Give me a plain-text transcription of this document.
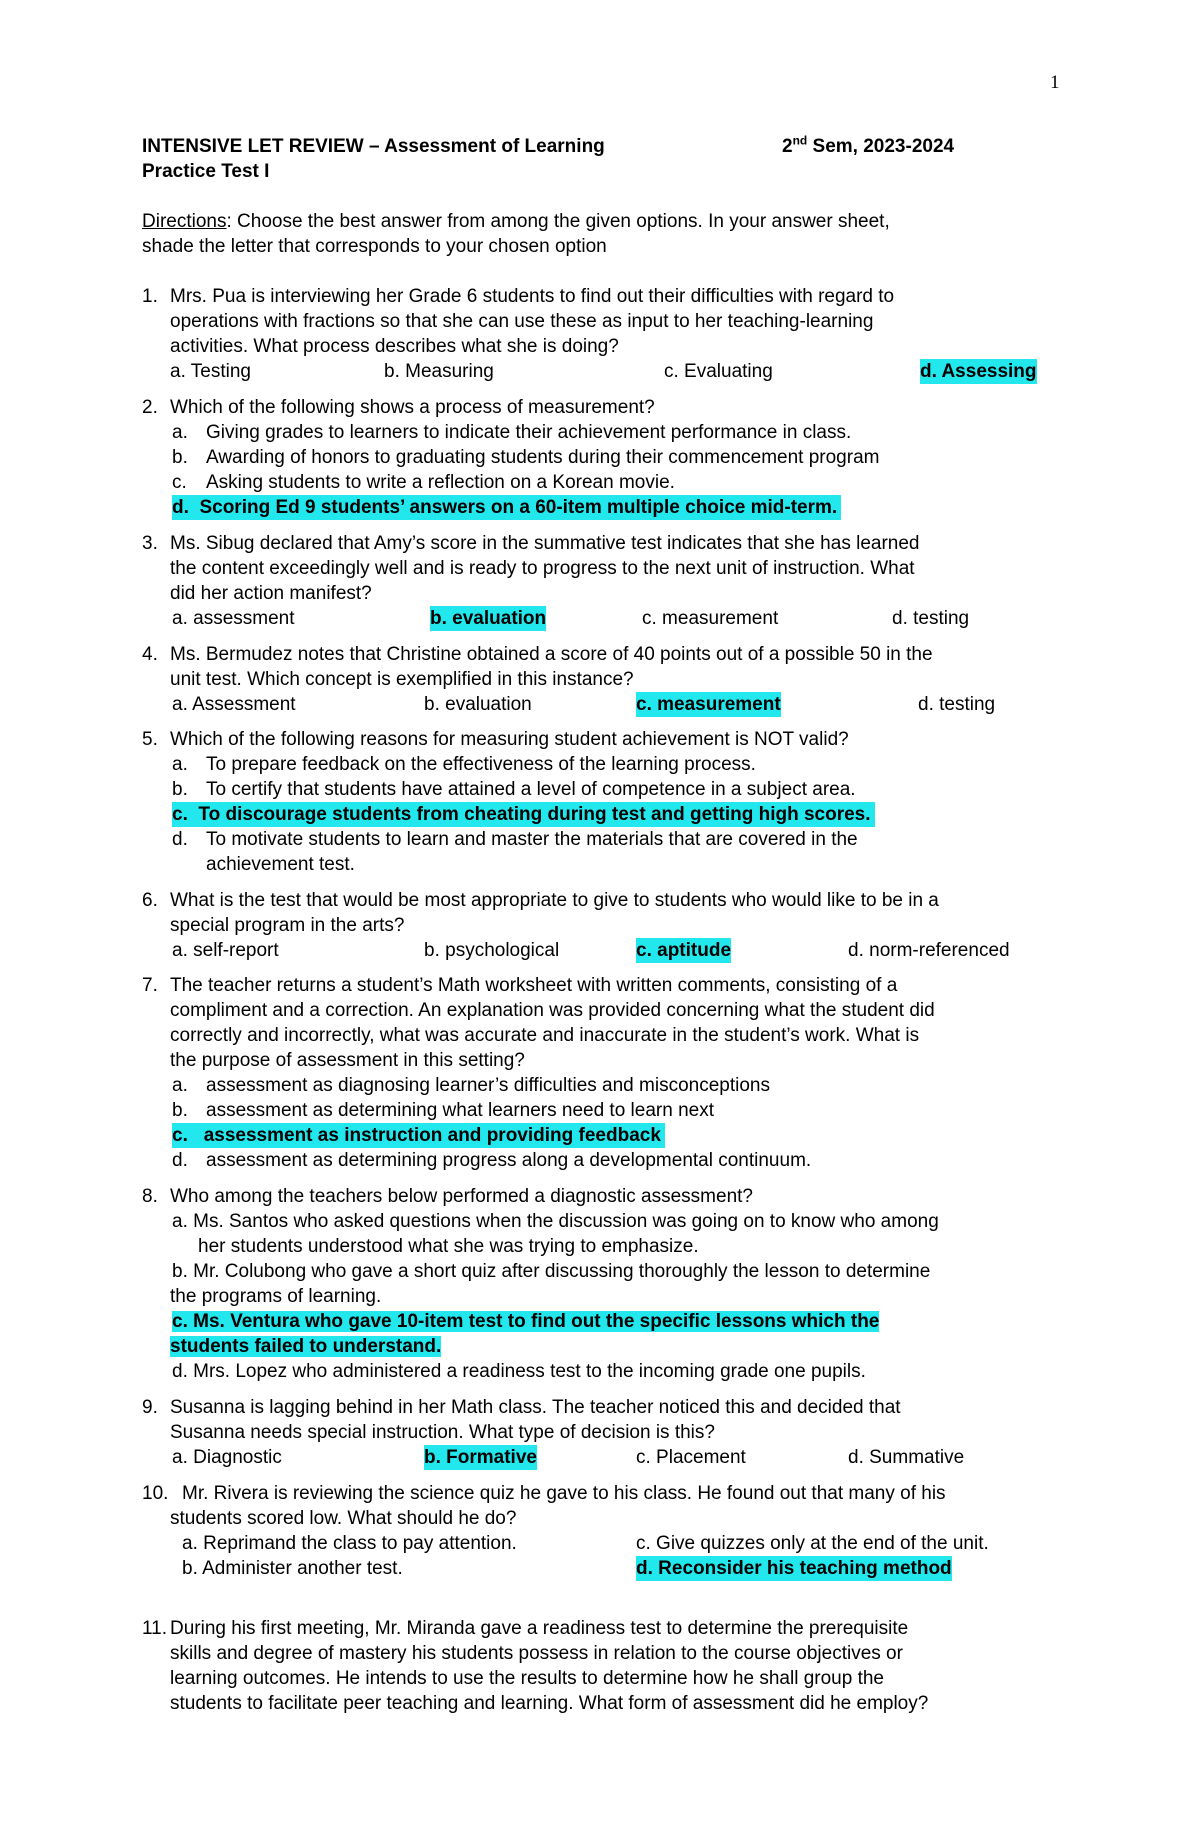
1
INTENSIVE LET REVIEW – Assessment of Learning	2nd Sem, 2023-2024
Practice Test I
Directions: Choose the best answer from among the given options. In your answer sheet,
shade the letter that corresponds to your chosen option
1. Mrs. Pua is interviewing her Grade 6 students to find out their difficulties with regard to
operations with fractions so that she can use these as input to her teaching-learning
activities. What process describes what she is doing?
a. Testing	b. Measuring	c. Evaluating	d. Assessing
2. Which of the following shows a process of measurement?
a. Giving grades to learners to indicate their achievement performance in class.
b. Awarding of honors to graduating students during their commencement program
c. Asking students to write a reflection on a Korean movie.
d. Scoring Ed 9 students’ answers on a 60-item multiple choice mid-term.
3. Ms. Sibug declared that Amy’s score in the summative test indicates that she has learned
the content exceedingly well and is ready to progress to the next unit of instruction. What
did her action manifest?
a. assessment	b. evaluation	c. measurement	d. testing
4. Ms. Bermudez notes that Christine obtained a score of 40 points out of a possible 50 in the
unit test. Which concept is exemplified in this instance?
a. Assessment	b. evaluation	c. measurement	d. testing
5. Which of the following reasons for measuring student achievement is NOT valid?
a. To prepare feedback on the effectiveness of the learning process.
b. To certify that students have attained a level of competence in a subject area.
c. To discourage students from cheating during test and getting high scores.
d. To motivate students to learn and master the materials that are covered in the
achievement test.
6. What is the test that would be most appropriate to give to students who would like to be in a
special program in the arts?
a. self-report	b. psychological	c. aptitude	d. norm-referenced
7. The teacher returns a student’s Math worksheet with written comments, consisting of a
compliment and a correction. An explanation was provided concerning what the student did
correctly and incorrectly, what was accurate and inaccurate in the student’s work. What is
the purpose of assessment in this setting?
a. assessment as diagnosing learner’s difficulties and misconceptions
b. assessment as determining what learners need to learn next
c. assessment as instruction and providing feedback
d. assessment as determining progress along a developmental continuum.
8. Who among the teachers below performed a diagnostic assessment?
a. Ms. Santos who asked questions when the discussion was going on to know who among
her students understood what she was trying to emphasize.
b. Mr. Colubong who gave a short quiz after discussing thoroughly the lesson to determine
the programs of learning.
c. Ms. Ventura who gave 10-item test to find out the specific lessons which the
students failed to understand.
d. Mrs. Lopez who administered a readiness test to the incoming grade one pupils.
9. Susanna is lagging behind in her Math class. The teacher noticed this and decided that
Susanna needs special instruction. What type of decision is this?
a. Diagnostic	b. Formative	c. Placement	d. Summative
10. Mr. Rivera is reviewing the science quiz he gave to his class. He found out that many of his
students scored low. What should he do?
a. Reprimand the class to pay attention.	c. Give quizzes only at the end of the unit.
b. Administer another test.	d. Reconsider his teaching method
11. During his first meeting, Mr. Miranda gave a readiness test to determine the prerequisite
skills and degree of mastery his students possess in relation to the course objectives or
learning outcomes. He intends to use the results to determine how he shall group the
students to facilitate peer teaching and learning. What form of assessment did he employ?
